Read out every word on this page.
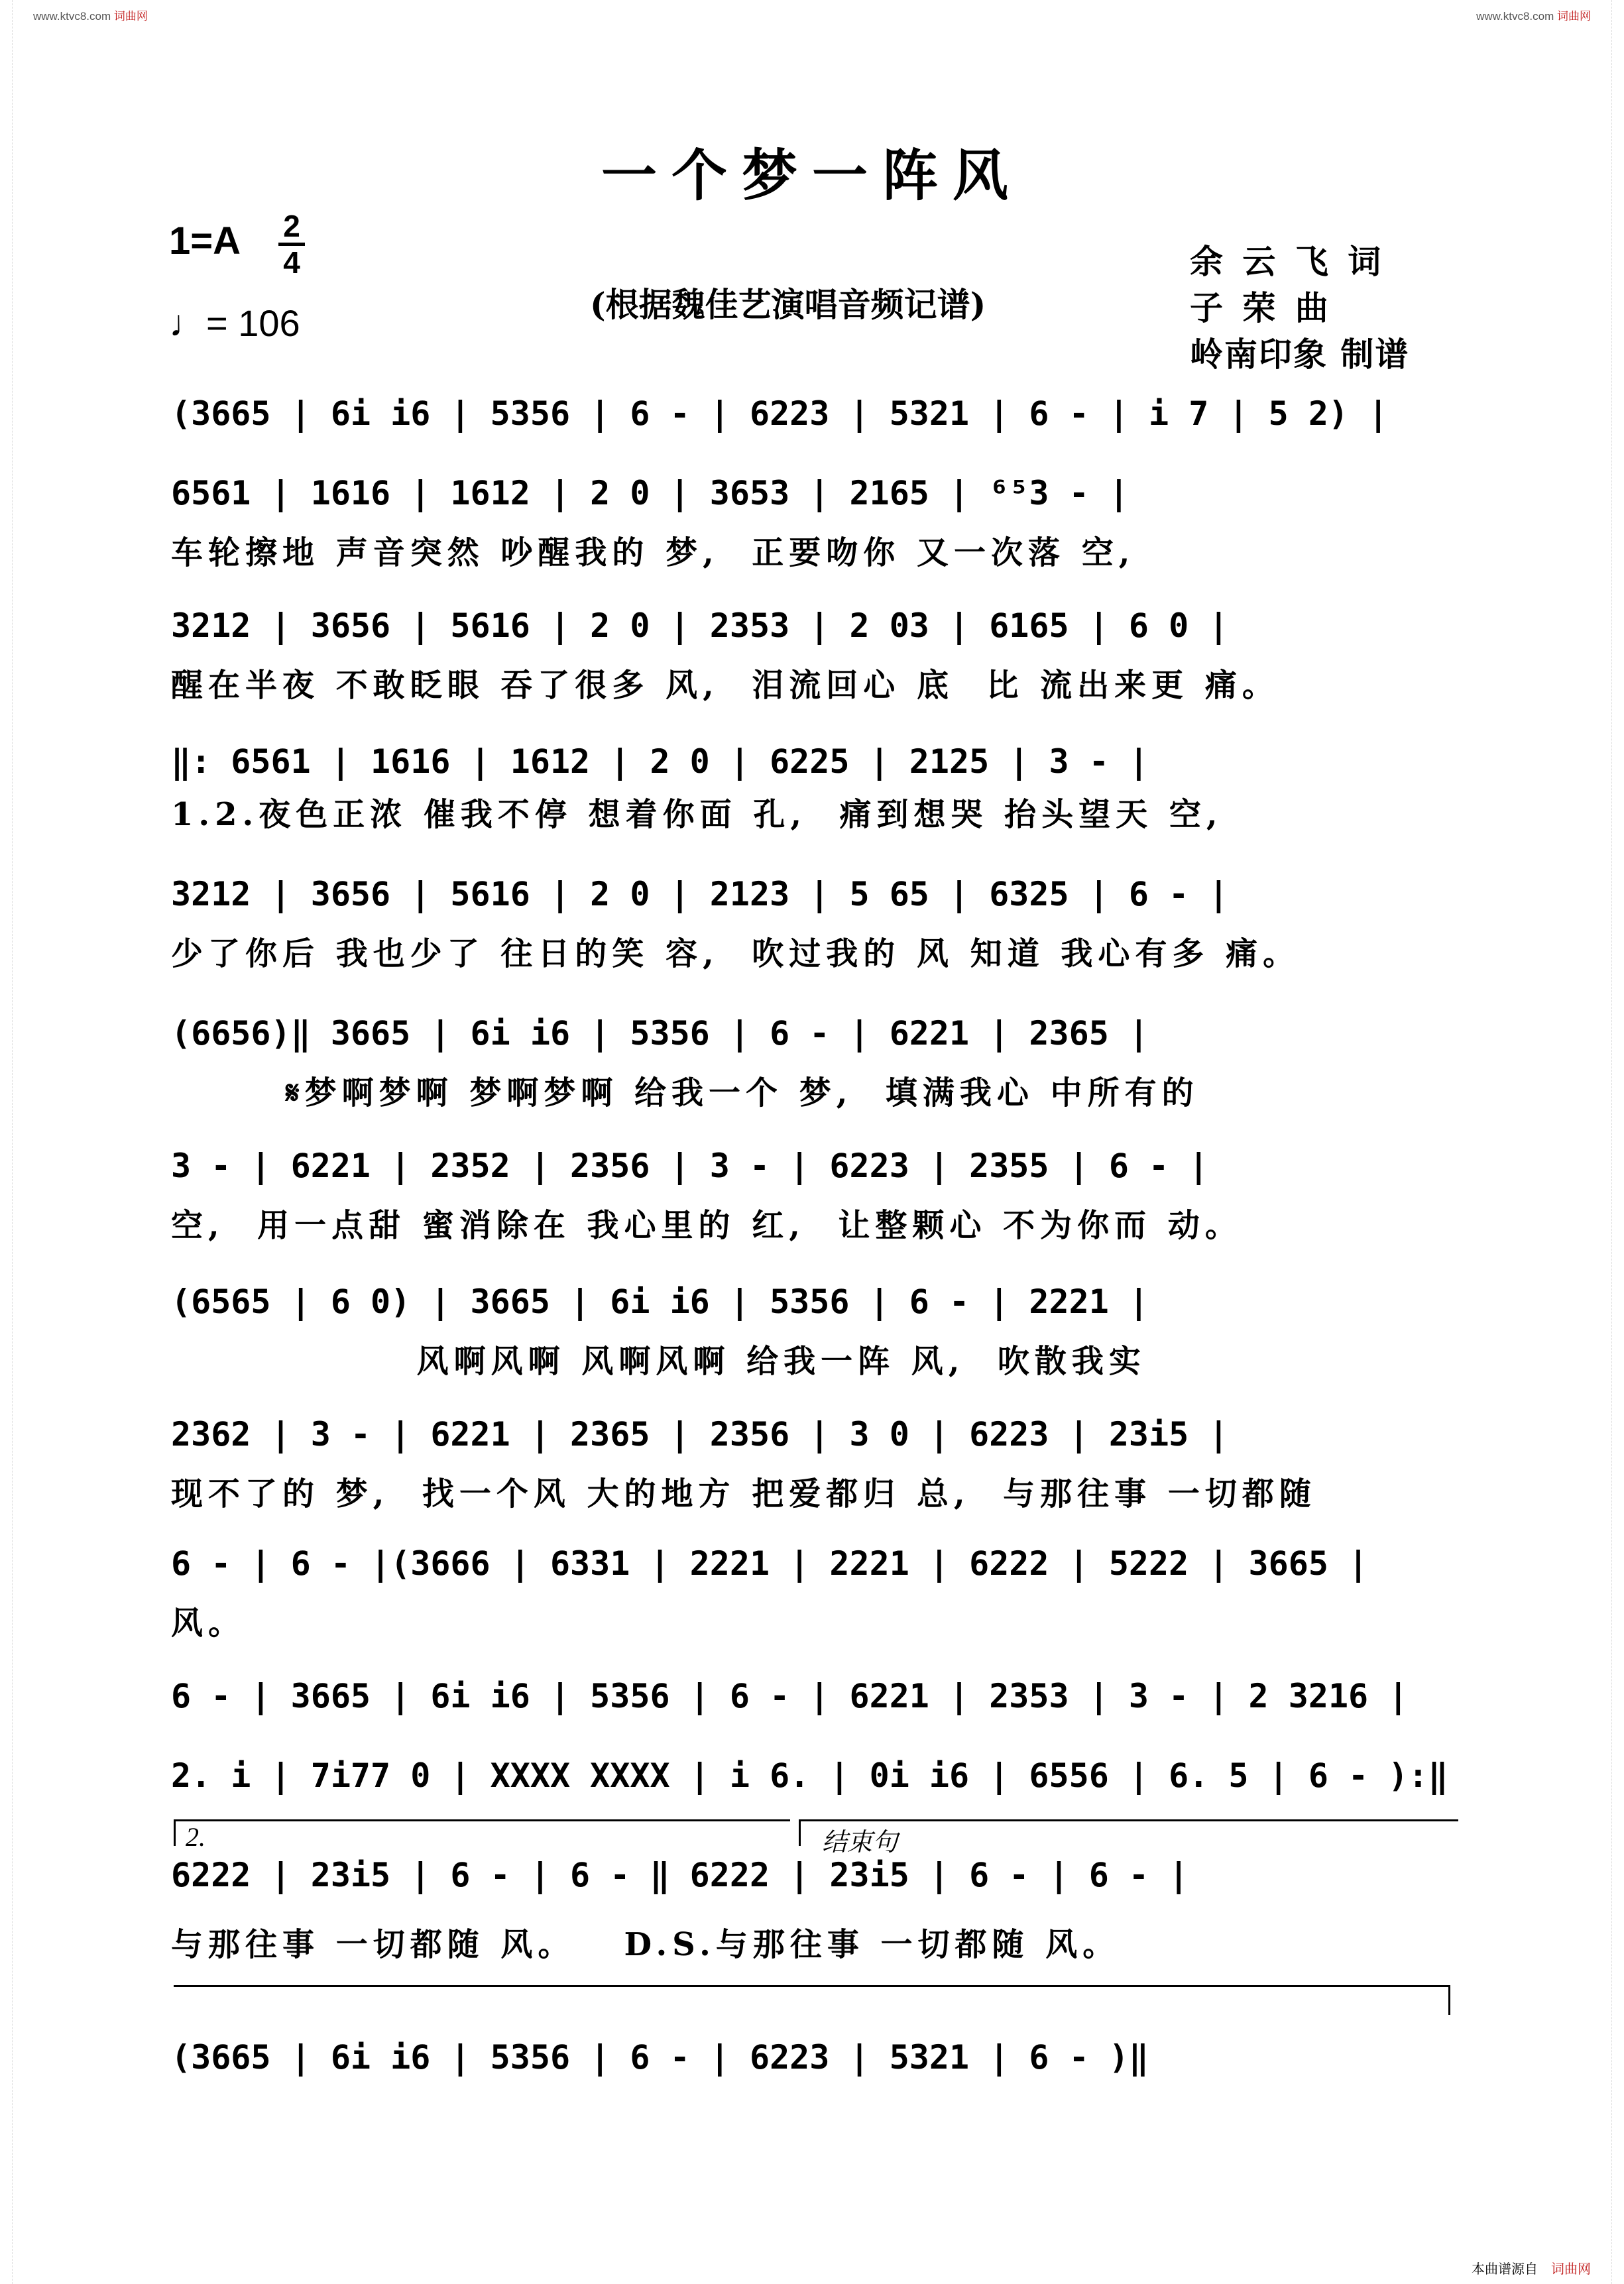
www.ktvc8.com 词曲网	www.ktvc8.com 词曲网
一个梦一阵风
1=A 2
4
♩= 106	(根据魏佳艺演唱音频记谱)
余 云 飞 词
子 荣 曲
岭南印象 制谱
(3665 | 6i i6 | 5356 | 6 - | 6223 | 5321 | 6 - | i 7 | 5 2) |
6561 | 1616 | 1612 | 2 0 | 3653 | 2165 | ⁶⁵3 - |
车轮擦地 声音突然 吵醒我的 梦,  正要吻你 又一次落 空,
3212 | 3656 | 5616 | 2 0 | 2353 | 2 03 | 6165 | 6 0 |
醒在半夜 不敢眨眼 吞了很多 风,  泪流回心 底  比 流出来更 痛。
‖: 6561 | 1616 | 1612 | 2 0 | 6225 | 2125 | 3 - |
1.2.夜色正浓 催我不停 想着你面 孔,  痛到想哭 抬头望天 空,
3212 | 3656 | 5616 | 2 0 | 2123 | 5 65 | 6325 | 6 - |
少了你后 我也少了 往日的笑 容,  吹过我的 风 知道 我心有多 痛。
(6656)‖ 3665 | 6i i6 | 5356 | 6 - | 6221 | 2365 |
𝄋梦啊梦啊 梦啊梦啊 给我一个 梦,  填满我心 中所有的
3 - | 6221 | 2352 | 2356 | 3 - | 6223 | 2355 | 6 - |
空,  用一点甜 蜜消除在 我心里的 红,  让整颗心 不为你而 动。
(6565 | 6 0) | 3665 | 6i i6 | 5356 | 6 - | 2221 |
风啊风啊 风啊风啊 给我一阵 风,  吹散我实
2362 | 3 - | 6221 | 2365 | 2356 | 3 0 | 6223 | 23i5 |
现不了的 梦,  找一个风 大的地方 把爱都归 总,  与那往事 一切都随
6 - | 6 - |(3666 | 6331 | 2221 | 2221 | 6222 | 5222 | 3665 |
风。
6 - | 3665 | 6i i6 | 5356 | 6 - | 6221 | 2353 | 3 - | 2 3216 |
2. i | 7i77 0 | XXXX XXXX | i 6. | 0i i6 | 6556 | 6. 5 | 6 - ):‖
6222 | 23i5 | 6 - | 6 - ‖ 6222 | 23i5 | 6 - | 6 - |
与那往事 一切都随 风。   D.S.与那往事 一切都随 风。
(3665 | 6i i6 | 5356 | 6 - | 6223 | 5321 | 6 - )‖
2.	结束句
本曲谱源自 词曲网
